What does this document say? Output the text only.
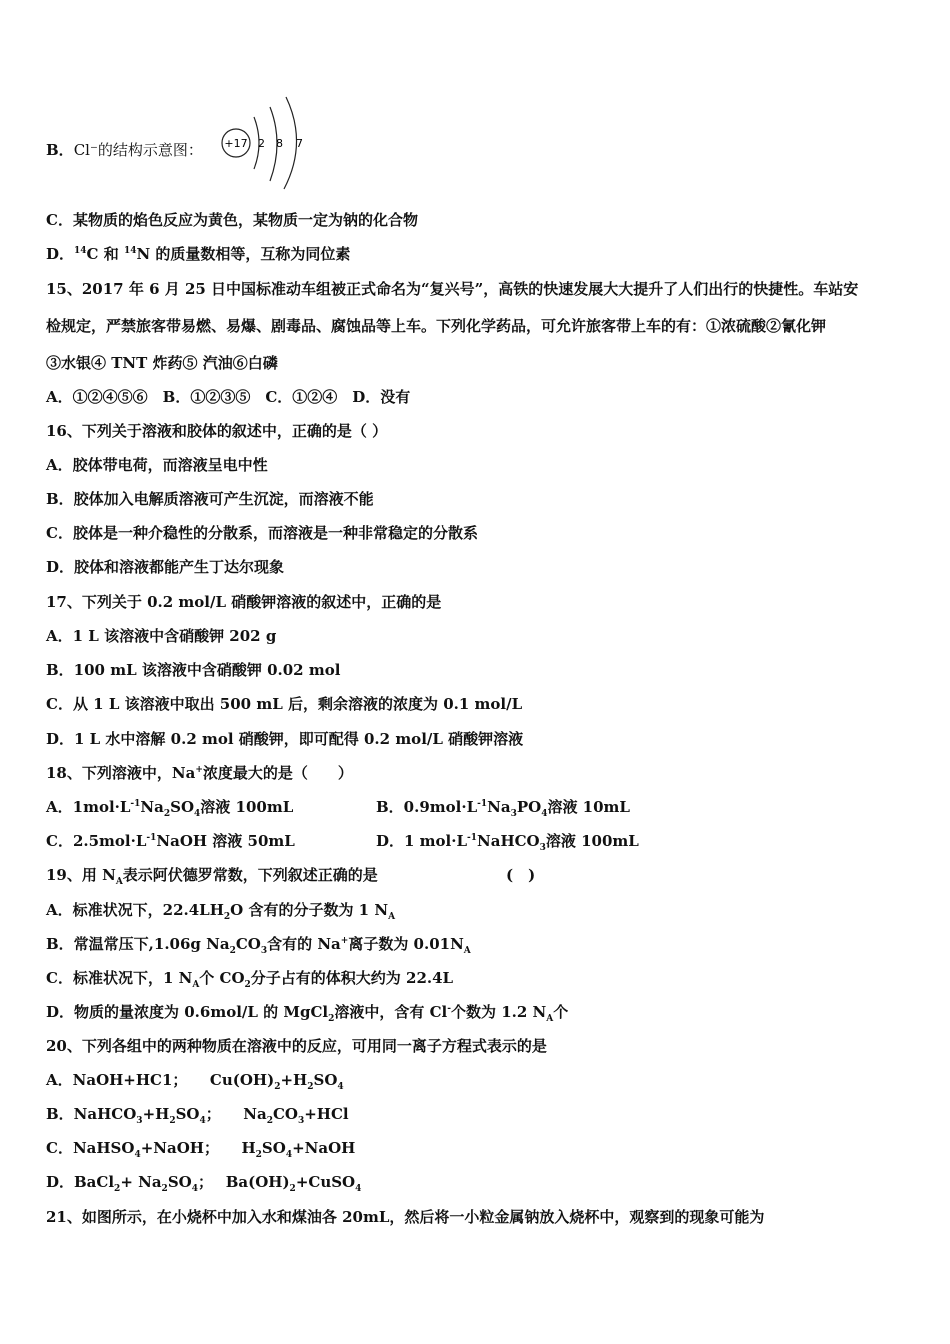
B．Cl⁻的结构示意图： +17 2 8 7
C．某物质的焰色反应为黄色，某物质一定为钠的化合物
D．$^{14}$C 和 $^{14}$N 的质量数相等，互称为同位素
15、2017 年 6 月 25 日中国标准动车组被正式命名为“复兴号”，高铁的快速发展大大提升了人们出行的快捷性。车站安
检规定，严禁旅客带易燃、易爆、剧毒品、腐蚀品等上车。下列化学药品，可允许旅客带上车的有：①浓硫酸②氰化钾
③水银④ TNT 炸药⑤ 汽油⑥白磷
A．①②④⑤⑥　B．①②③⑤　C．①②④　D．没有
16、下列关于溶液和胶体的叙述中，正确的是（ ）
A．胶体带电荷，而溶液呈电中性
B．胶体加入电解质溶液可产生沉淀，而溶液不能
C．胶体是一种介稳性的分散系，而溶液是一种非常稳定的分散系
D．胶体和溶液都能产生丁达尔现象
17、下列关于 0.2 mol/L 硝酸钾溶液的叙述中，正确的是
A．1 L 该溶液中含硝酸钾 202 g
B．100 mL 该溶液中含硝酸钾 0.02 mol
C．从 1 L 该溶液中取出 500 mL 后，剩余溶液的浓度为 0.1 mol/L
D．1 L 水中溶解 0.2 mol 硝酸钾，即可配得 0.2 mol/L 硝酸钾溶液
18、下列溶液中，Na+浓度最大的是（　　）
A．$1mol\cdot L^{-1}Na_2SO_4$溶液 100mL	B．$0.9mol\cdot L^{-1}Na_3PO_4$溶液 10mL
C．$2.5mol\cdot L^{-1}NaOH$ 溶液 50mL	D．1 $mol\cdot L^{-1}NaHCO_3$溶液 100mL
19、用 $N_A$表示阿伏德罗常数，下列叙述正确的是	(　)
A．标准状况下，$22.4LH_2O$ 含有的分子数为 1 $N_A$
B．常温常压下,1.06g $Na_2CO_3$含有的 Na+离子数为 $0.01N_A$
C．标准状况下，1 $N_A$个 $CO_2$分子占有的体积大约为 22.4L
D．物质的量浓度为 0.6mol/L 的 MgCl$_2$溶液中，含有 Cl-个数为 1.2 $N_A$个
20、下列各组中的两种物质在溶液中的反应，可用同一离子方程式表示的是
A．NaOH+HC1；　　$Cu(OH)_2+H_2SO_4$
B．$NaHCO_3+H_2SO_4$；　　$Na_2CO_3+HCl$
C．NaHSO$_4$+NaOH；　　$H_2SO_4+NaOH$
D．BaCl$_2$+ $Na_2SO_4$；　 $Ba(OH)_2+CuSO_4$
21、如图所示，在小烧杯中加入水和煤油各 20mL，然后将一小粒金属钠放入烧杯中，观察到的现象可能为
